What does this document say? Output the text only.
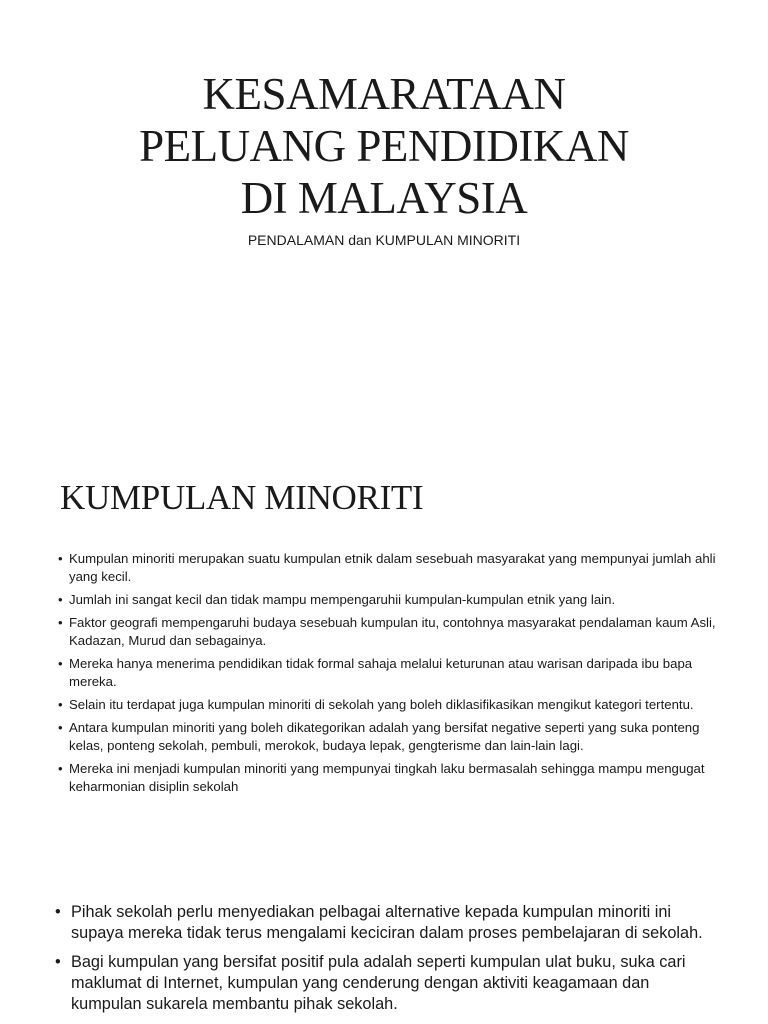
KESAMARATAAN
PELUANG PENDIDIKAN
DI MALAYSIA

PENDALAMAN dan KUMPULAN MINORITI

KUMPULAN MINORITI
• Kumpulan minoriti merupakan suatu kumpulan etnik dalam sesebuah masyarakat yang mempunyai jumlah ahli yang kecil.
• Jumlah ini sangat kecil dan tidak mampu mempengaruhii kumpulan-kumpulan etnik yang lain.
• Faktor geografi mempengaruhi budaya sesebuah kumpulan itu, contohnya masyarakat pendalaman kaum Asli, Kadazan, Murud dan sebagainya.
• Mereka hanya menerima pendidikan tidak formal sahaja melalui keturunan atau warisan daripada ibu bapa mereka.
• Selain itu terdapat juga kumpulan minoriti di sekolah yang boleh diklasifikasikan mengikut kategori tertentu.
• Antara kumpulan minoriti yang boleh dikategorikan adalah yang bersifat negative seperti yang suka ponteng kelas, ponteng sekolah, pembuli, merokok, budaya lepak, gengterisme dan lain-lain lagi.
• Mereka ini menjadi kumpulan minoriti yang mempunyai tingkah laku bermasalah sehingga mampu mengugat keharmonian disiplin sekolah
• Pihak sekolah perlu menyediakan pelbagai alternative kepada kumpulan minoriti ini supaya mereka tidak terus mengalami keciciran dalam proses pembelajaran di sekolah.
• Bagi kumpulan yang bersifat positif pula adalah seperti kumpulan ulat buku, suka cari maklumat di Internet, kumpulan yang cenderung dengan aktiviti keagamaan dan kumpulan sukarela membantu pihak sekolah.
